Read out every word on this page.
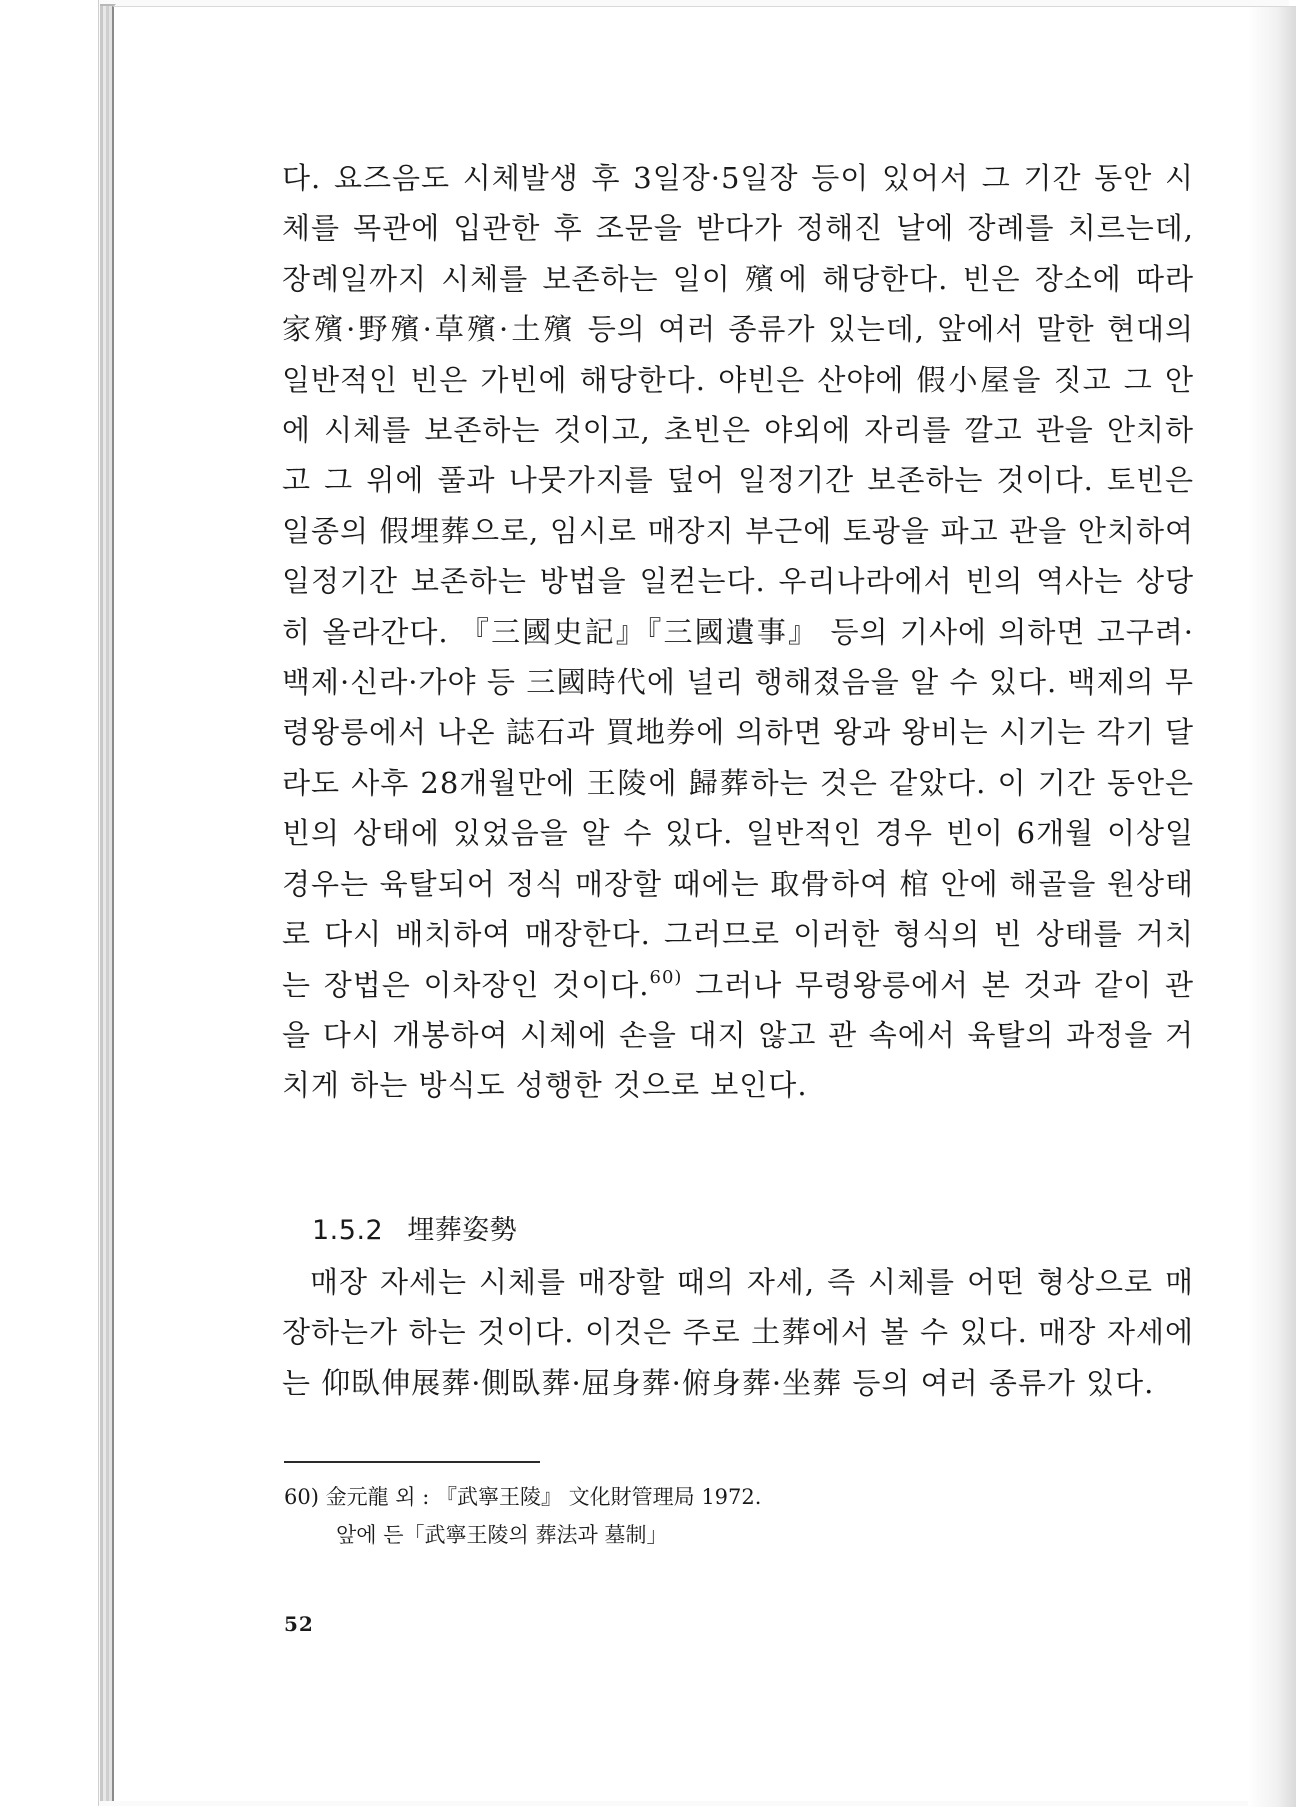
다. 요즈음도 시체발생 후 3일장·5일장 등이 있어서 그 기간 동안 시체를 목관에 입관한 후 조문을 받다가 정해진 날에 장례를 치르는데, 장례일까지 시체를 보존하는 일이 殯에 해당한다. 빈은 장소에 따라 家殯·野殯·草殯·土殯 등의 여러 종류가 있는데, 앞에서 말한 현대의 일반적인 빈은 가빈에 해당한다. 야빈은 산야에 假小屋을 짓고 그 안에 시체를 보존하는 것이고, 초빈은 야외에 자리를 깔고 관을 안치하고 그 위에 풀과 나뭇가지를 덮어 일정기간 보존하는 것이다. 토빈은 일종의 假埋葬으로, 임시로 매장지 부근에 토광을 파고 관을 안치하여 일정기간 보존하는 방법을 일컫는다. 우리나라에서 빈의 역사는 상당히 올라간다. 『三國史記』『三國遺事』 등의 기사에 의하면 고구려·백제·신라·가야 등 三國時代에 널리 행해졌음을 알 수 있다. 백제의 무령왕릉에서 나온 誌石과 買地券에 의하면 왕과 왕비는 시기는 각기 달라도 사후 28개월만에 王陵에 歸葬하는 것은 같았다. 이 기간 동안은 빈의 상태에 있었음을 알 수 있다. 일반적인 경우 빈이 6개월 이상일 경우는 육탈되어 정식 매장할 때에는 取骨하여 棺 안에 해골을 원상태로 다시 배치하여 매장한다. 그러므로 이러한 형식의 빈 상태를 거치는 장법은 이차장인 것이다.$^{60)}$ 그러나 무령왕릉에서 본 것과 같이 관을 다시 개봉하여 시체에 손을 대지 않고 관 속에서 육탈의 과정을 거치게 하는 방식도 성행한 것으로 보인다.

1.5.2 埋葬姿勢

매장 자세는 시체를 매장할 때의 자세, 즉 시체를 어떤 형상으로 매장하는가 하는 것이다. 이것은 주로 土葬에서 볼 수 있다. 매장 자세에는 仰臥伸展葬·側臥葬·屈身葬·俯身葬·坐葬 등의 여러 종류가 있다.

60) 金元龍 외 : 『武寧王陵』 文化財管理局 1972.
앞에 든「武寧王陵의 葬法과 墓制」
52
